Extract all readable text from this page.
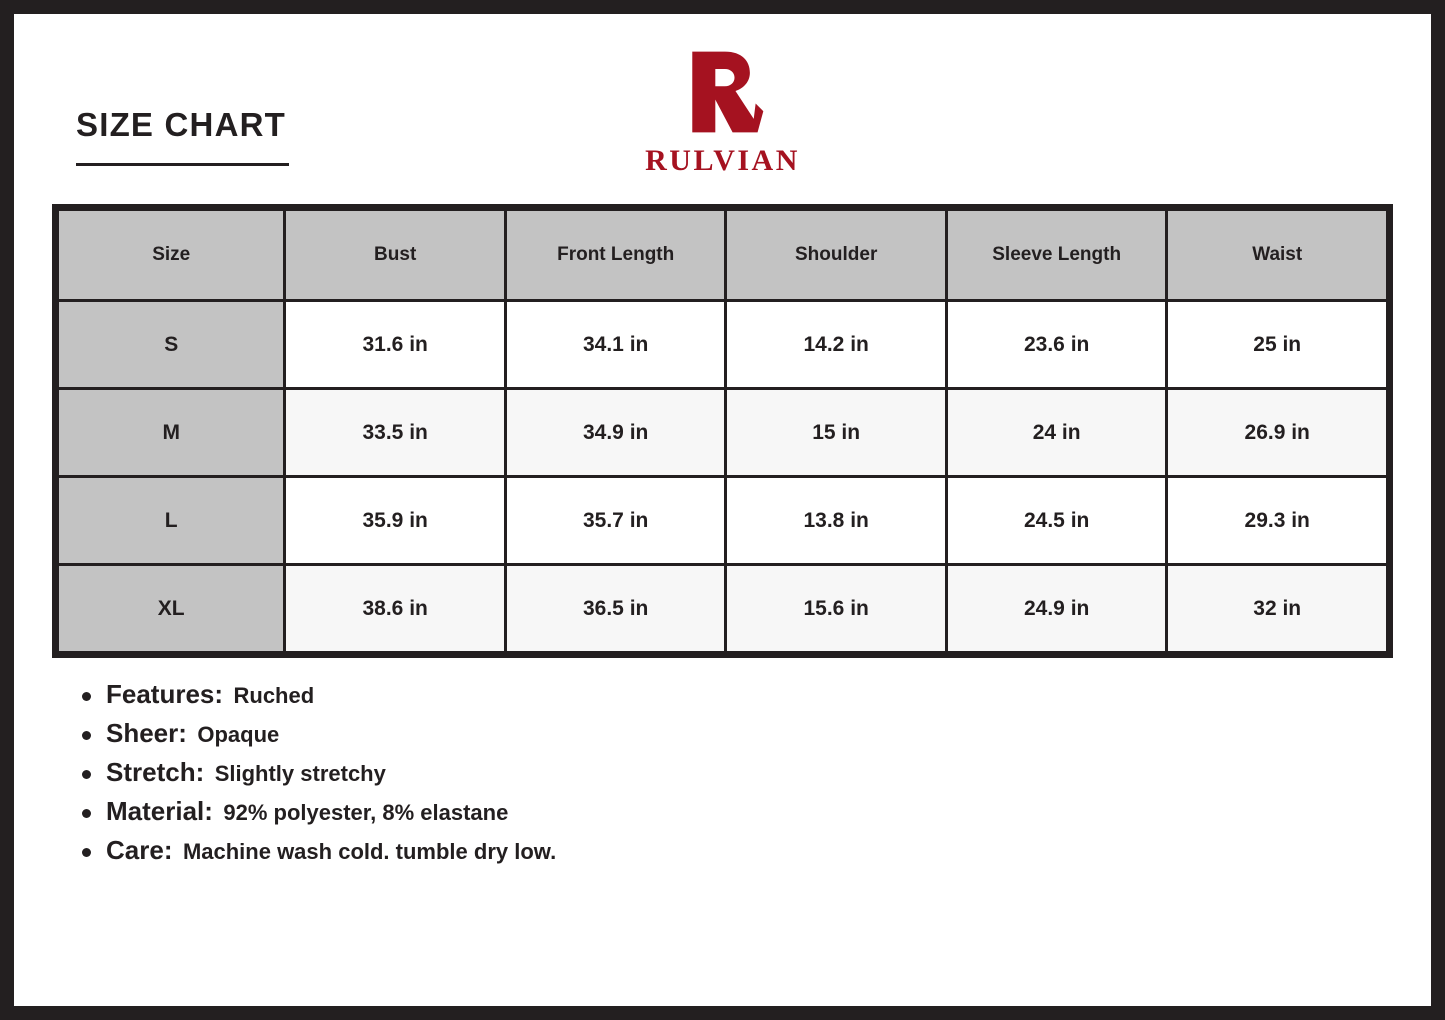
SIZE CHART
RULVIAN
Size	Bust	Front Length	Shoulder	Sleeve Length	Waist
S	31.6 in	34.1 in	14.2 in	23.6 in	25 in
M	33.5 in	34.9 in	15 in	24 in	26.9 in
L	35.9 in	35.7 in	13.8 in	24.5 in	29.3 in
XL	38.6 in	36.5 in	15.6 in	24.9 in	32 in
Features: Ruched
Sheer: Opaque
Stretch: Slightly stretchy
Material: 92% polyester, 8% elastane
Care: Machine wash cold. tumble dry low.
